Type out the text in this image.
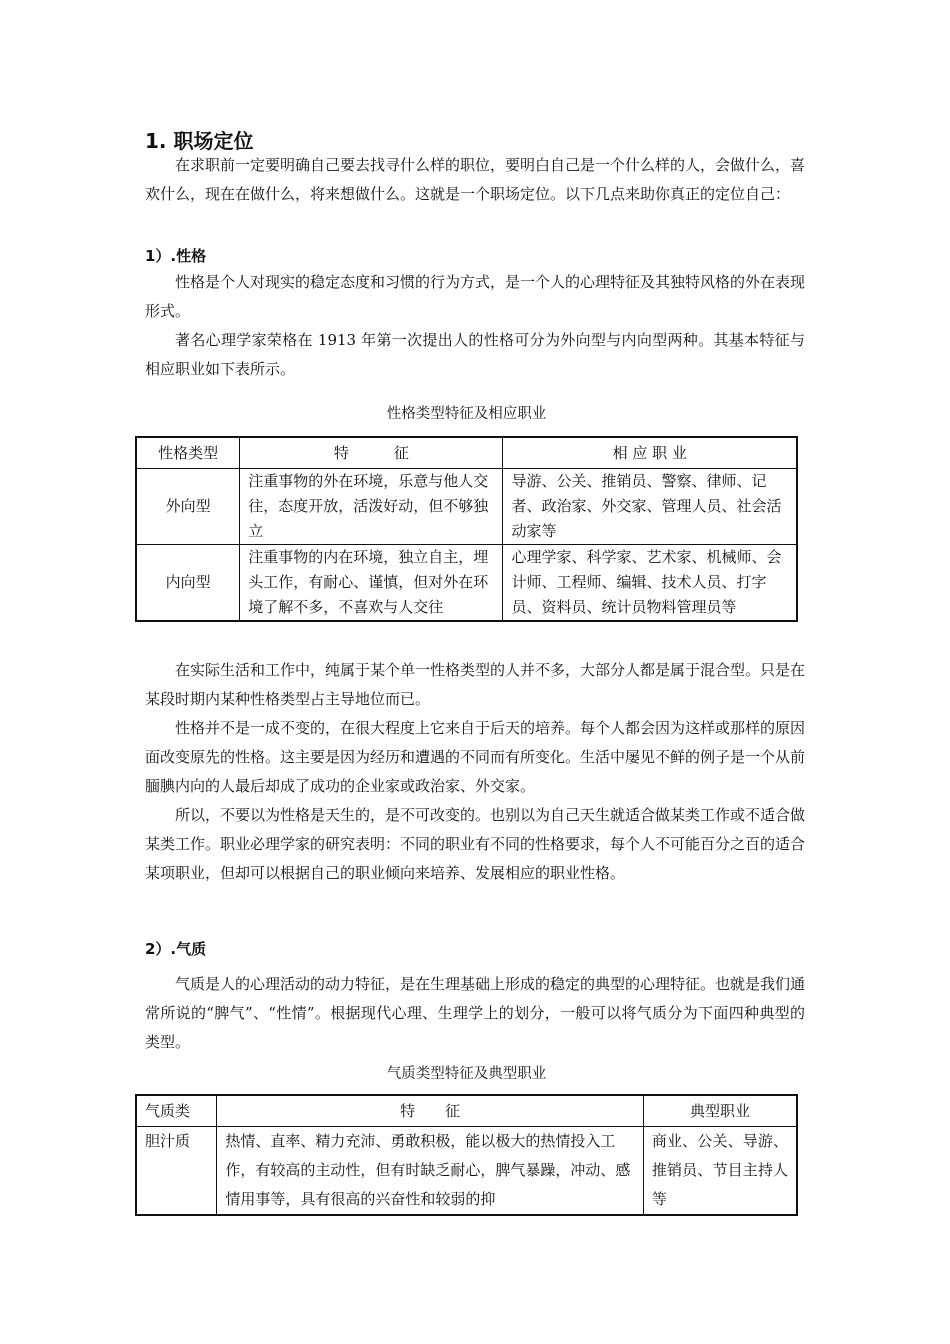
1. 职场定位

在求职前一定要明确自己要去找寻什么样的职位，要明白自己是一个什么样的人，会做什么，喜欢什么，现在在做什么，将来想做什么。这就是一个职场定位。以下几点来助你真正的定位自己：

1）.性格

性格是个人对现实的稳定态度和习惯的行为方式，是一个人的心理特征及其独特风格的外在表现形式。

著名心理学家荣格在 1913 年第一次提出人的性格可分为外向型与内向型两种。其基本特征与相应职业如下表所示。

性格类型特征及相应职业
性格类型	特　　　征	相 应 职 业
外向型	注重事物的外在环境，乐意与他人交往，态度开放，活泼好动，但不够独立	导游、公关、推销员、警察、律师、记者、政治家、外交家、管理人员、社会活动家等
内向型	注重事物的内在环境，独立自主，埋头工作，有耐心、谨慎，但对外在环境了解不多，不喜欢与人交往	心理学家、科学家、艺术家、机械师、会计师、工程师、编辑、技术人员、打字员、资料员、统计员物料管理员等

在实际生活和工作中，纯属于某个单一性格类型的人并不多，大部分人都是属于混合型。只是在某段时期内某种性格类型占主导地位而已。

性格并不是一成不变的，在很大程度上它来自于后天的培养。每个人都会因为这样或那样的原因面改变原先的性格。这主要是因为经历和遭遇的不同而有所变化。生活中屡见不鲜的例子是一个从前腼腆内向的人最后却成了成功的企业家或政治家、外交家。

所以，不要以为性格是天生的，是不可改变的。也别以为自己天生就适合做某类工作或不适合做某类工作。职业必理学家的研究表明：不同的职业有不同的性格要求，每个人不可能百分之百的适合某项职业，但却可以根据自己的职业倾向来培养、发展相应的职业性格。

2）.气质

气质是人的心理活动的动力特征，是在生理基础上形成的稳定的典型的心理特征。也就是我们通常所说的“脾气”、“性情”。根据现代心理、生理学上的划分，一般可以将气质分为下面四种典型的类型。

气质类型特征及典型职业
气质类	特　　征	典型职业
胆汁质	热情、直率、精力充沛、勇敢积极，能以极大的热情投入工作，有较高的主动性，但有时缺乏耐心，脾气暴躁，冲动、感情用事等，具有很高的兴奋性和较弱的抑	商业、公关、导游、推销员、节目主持人等
